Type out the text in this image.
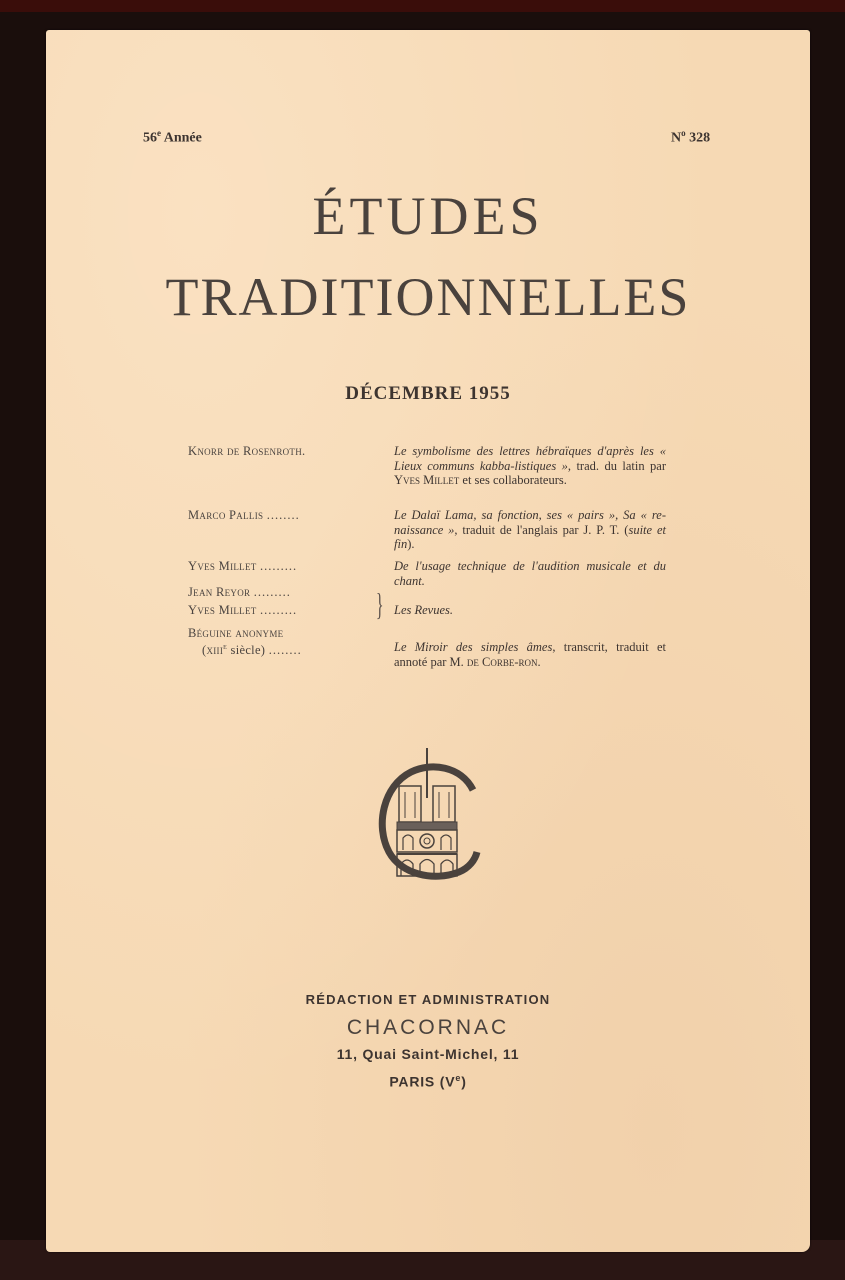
56e Année	$N^o$ 328
ÉTUDES
TRADITIONNELLES
DÉCEMBRE 1955
Knorr de Rosenroth.	Le symbolisme des lettres hébraïques d'après les « Lieux communs kabba-listiques », trad. du latin par Yves Millet et ses collaborateurs.
Marco Pallis ........	Le Dalaï Lama, sa fonction, ses « pairs », Sa « re-naissance », traduit de l'anglais par J. P. T. (suite et fin).
Yves Millet .........	De l'usage technique de l'audition musicale et du chant.
Jean Reyor .........
Yves Millet .........	} Les Revues.
Béguine anonyme
(xiii$^e$ siècle) ........	Le Miroir des simples âmes, transcrit, traduit et annoté par M. de Corbe-ron.
RÉDACTION ET ADMINISTRATION
CHACORNAC
11, Quai Saint-Michel, 11
PARIS (Ve)
